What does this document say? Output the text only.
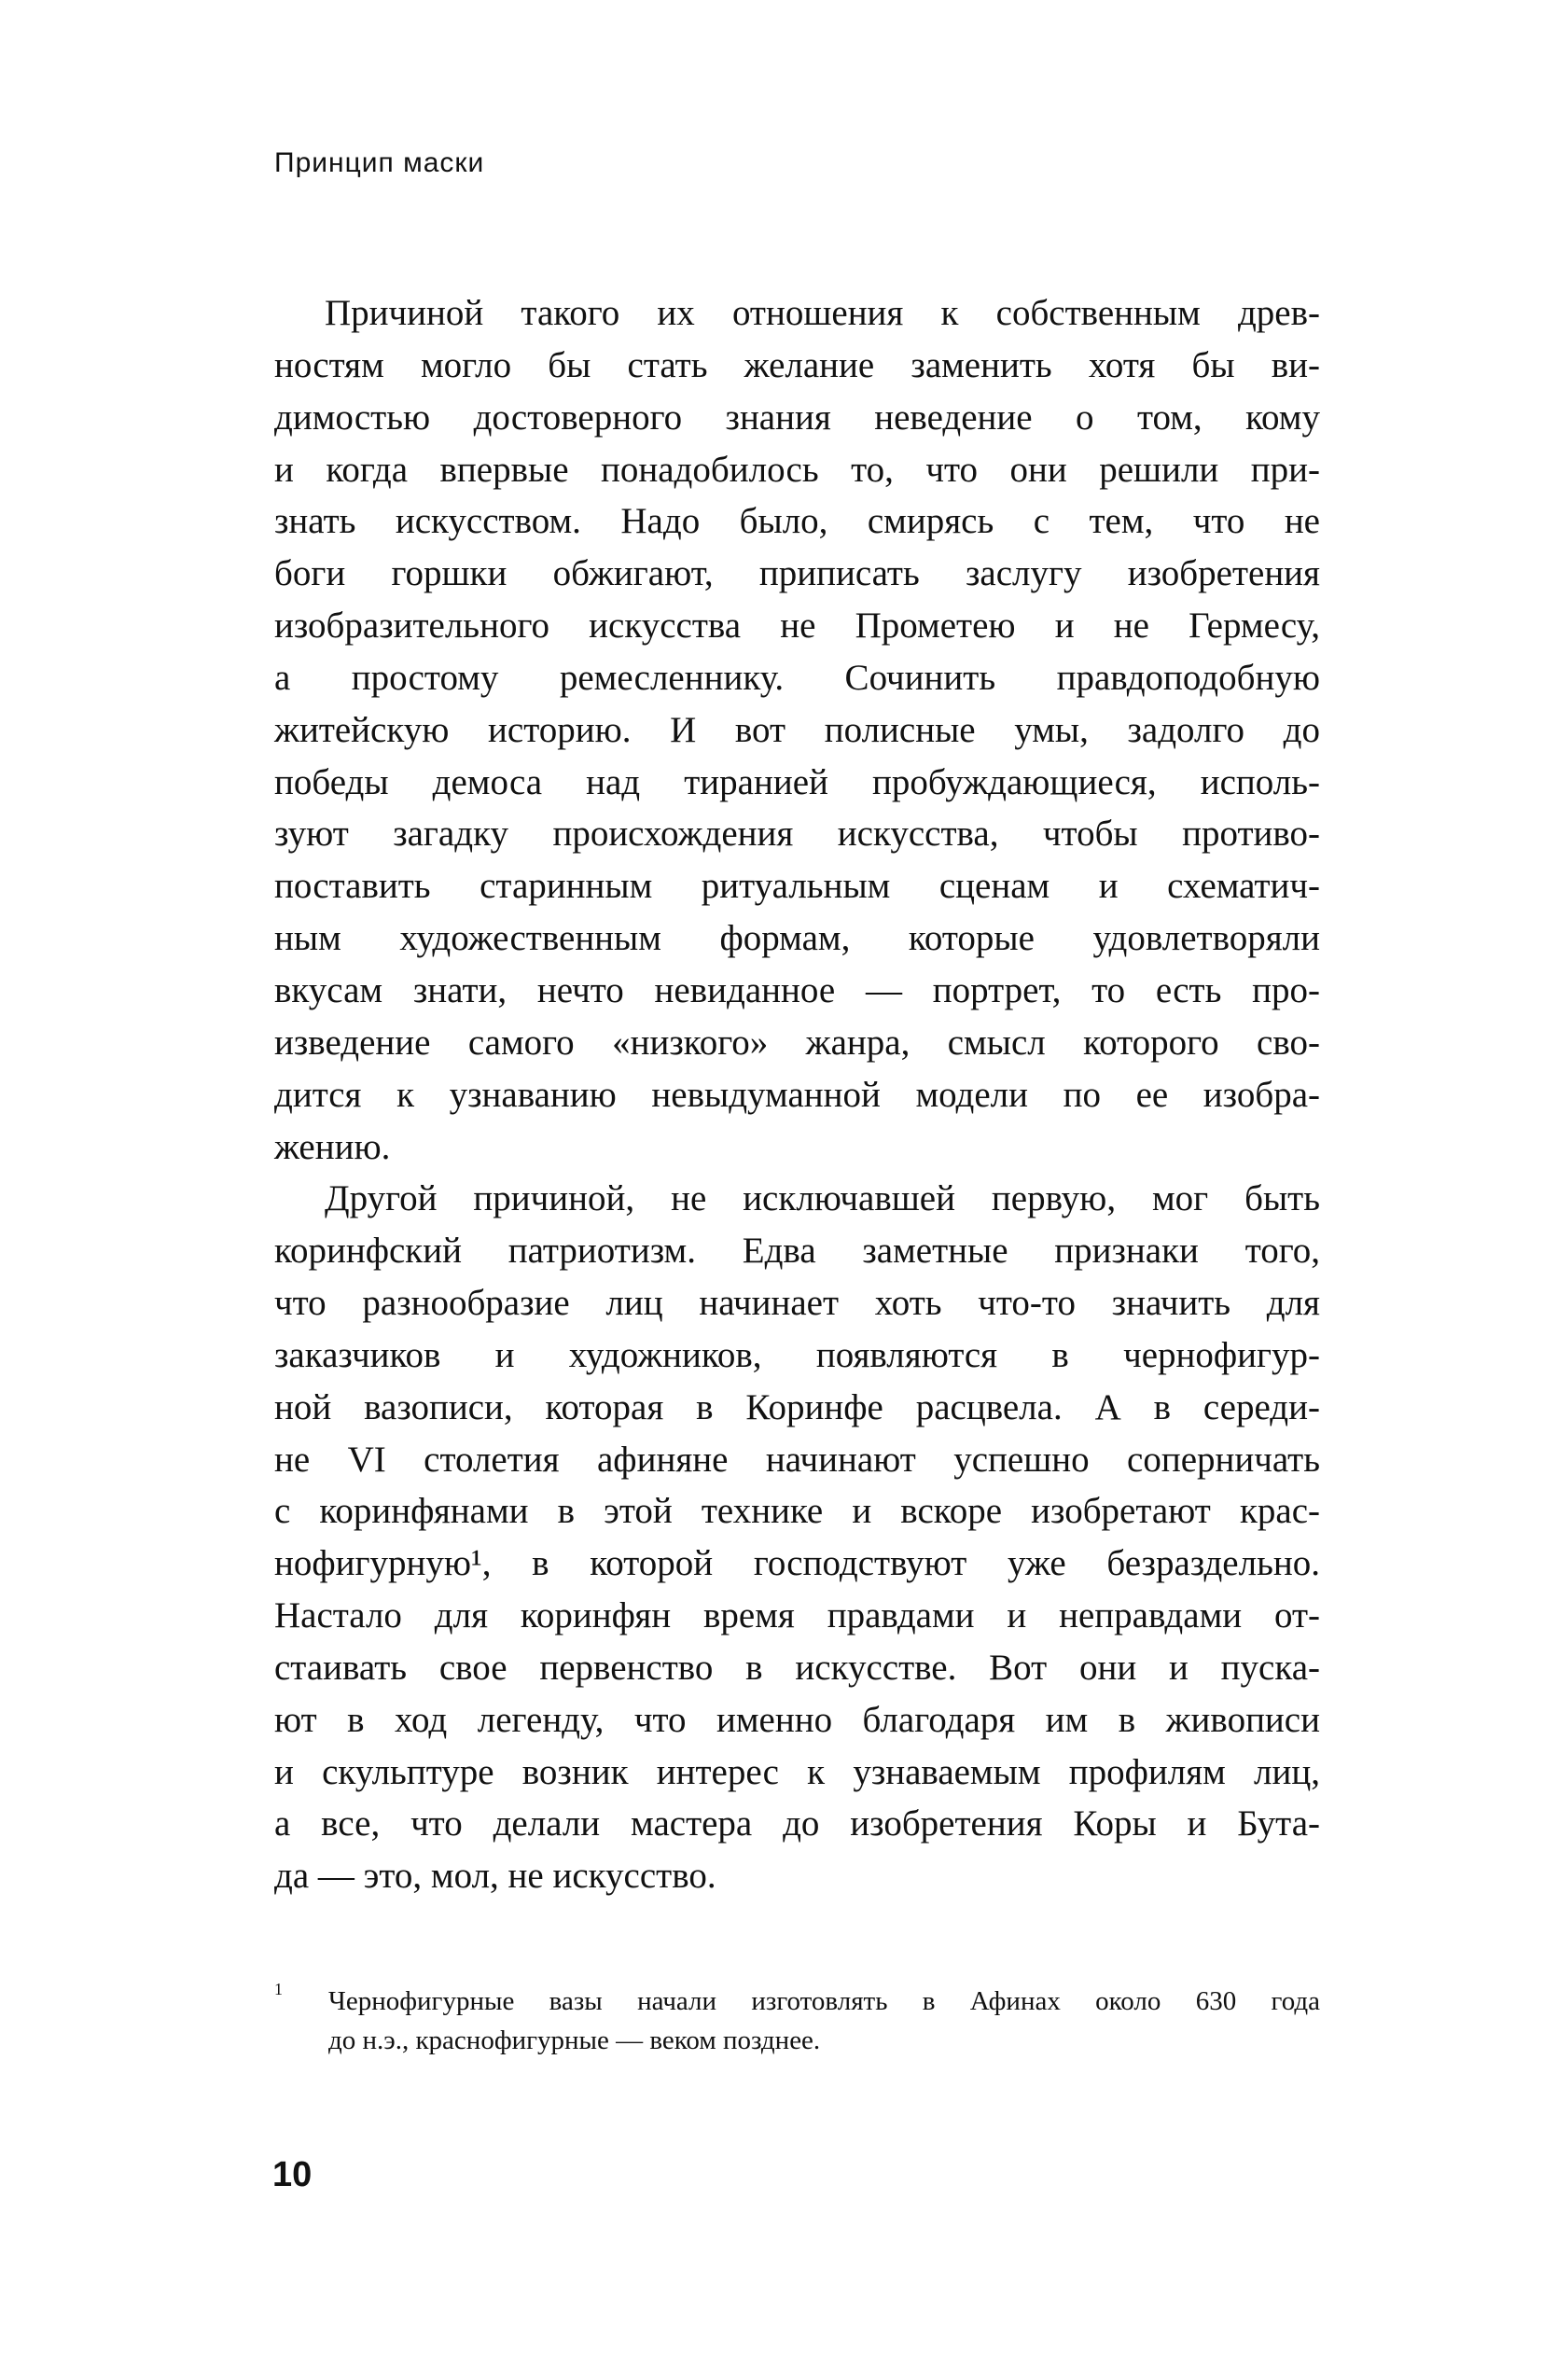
Принцип маски
Причиной такого их отношения к собственным древ-
ностям могло бы стать желание заменить хотя бы ви-
димостью достоверного знания неведение о том, кому
и когда впервые понадобилось то, что они решили при-
знать искусством. Надо было, смирясь с тем, что не
боги горшки обжигают, приписать заслугу изобретения
изобразительного искусства не Прометею и не Гермесу,
а простому ремесленнику. Сочинить правдоподобную
житейскую историю. И вот полисные умы, задолго до
победы демоса над тиранией пробуждающиеся, исполь-
зуют загадку происхождения искусства, чтобы противо-
поставить старинным ритуальным сценам и схематич-
ным художественным формам, которые удовлетворяли
вкусам знати, нечто невиданное — портрет, то есть про-
изведение самого «низкого» жанра, смысл которого сво-
дится к узнаванию невыдуманной модели по ее изобра-
жению.
Другой причиной, не исключавшей первую, мог быть
коринфский патриотизм. Едва заметные признаки того,
что разнообразие лиц начинает хоть что-то значить для
заказчиков и художников, появляются в чернофигур-
ной вазописи, которая в Коринфе расцвела. А в середи-
не VI столетия афиняне начинают успешно соперничать
с коринфянами в этой технике и вскоре изобретают крас-
нофигурную¹, в которой господствуют уже безраздельно.
Настало для коринфян время правдами и неправдами от-
стаивать свое первенство в искусстве. Вот они и пуска-
ют в ход легенду, что именно благодаря им в живописи
и скульптуре возник интерес к узнаваемым профилям лиц,
а все, что делали мастера до изобретения Коры и Бута-
да — это, мол, не искусство.
1 Чернофигурные вазы начали изготовлять в Афинах около 630 года
до н.э., краснофигурные — веком позднее.
10
